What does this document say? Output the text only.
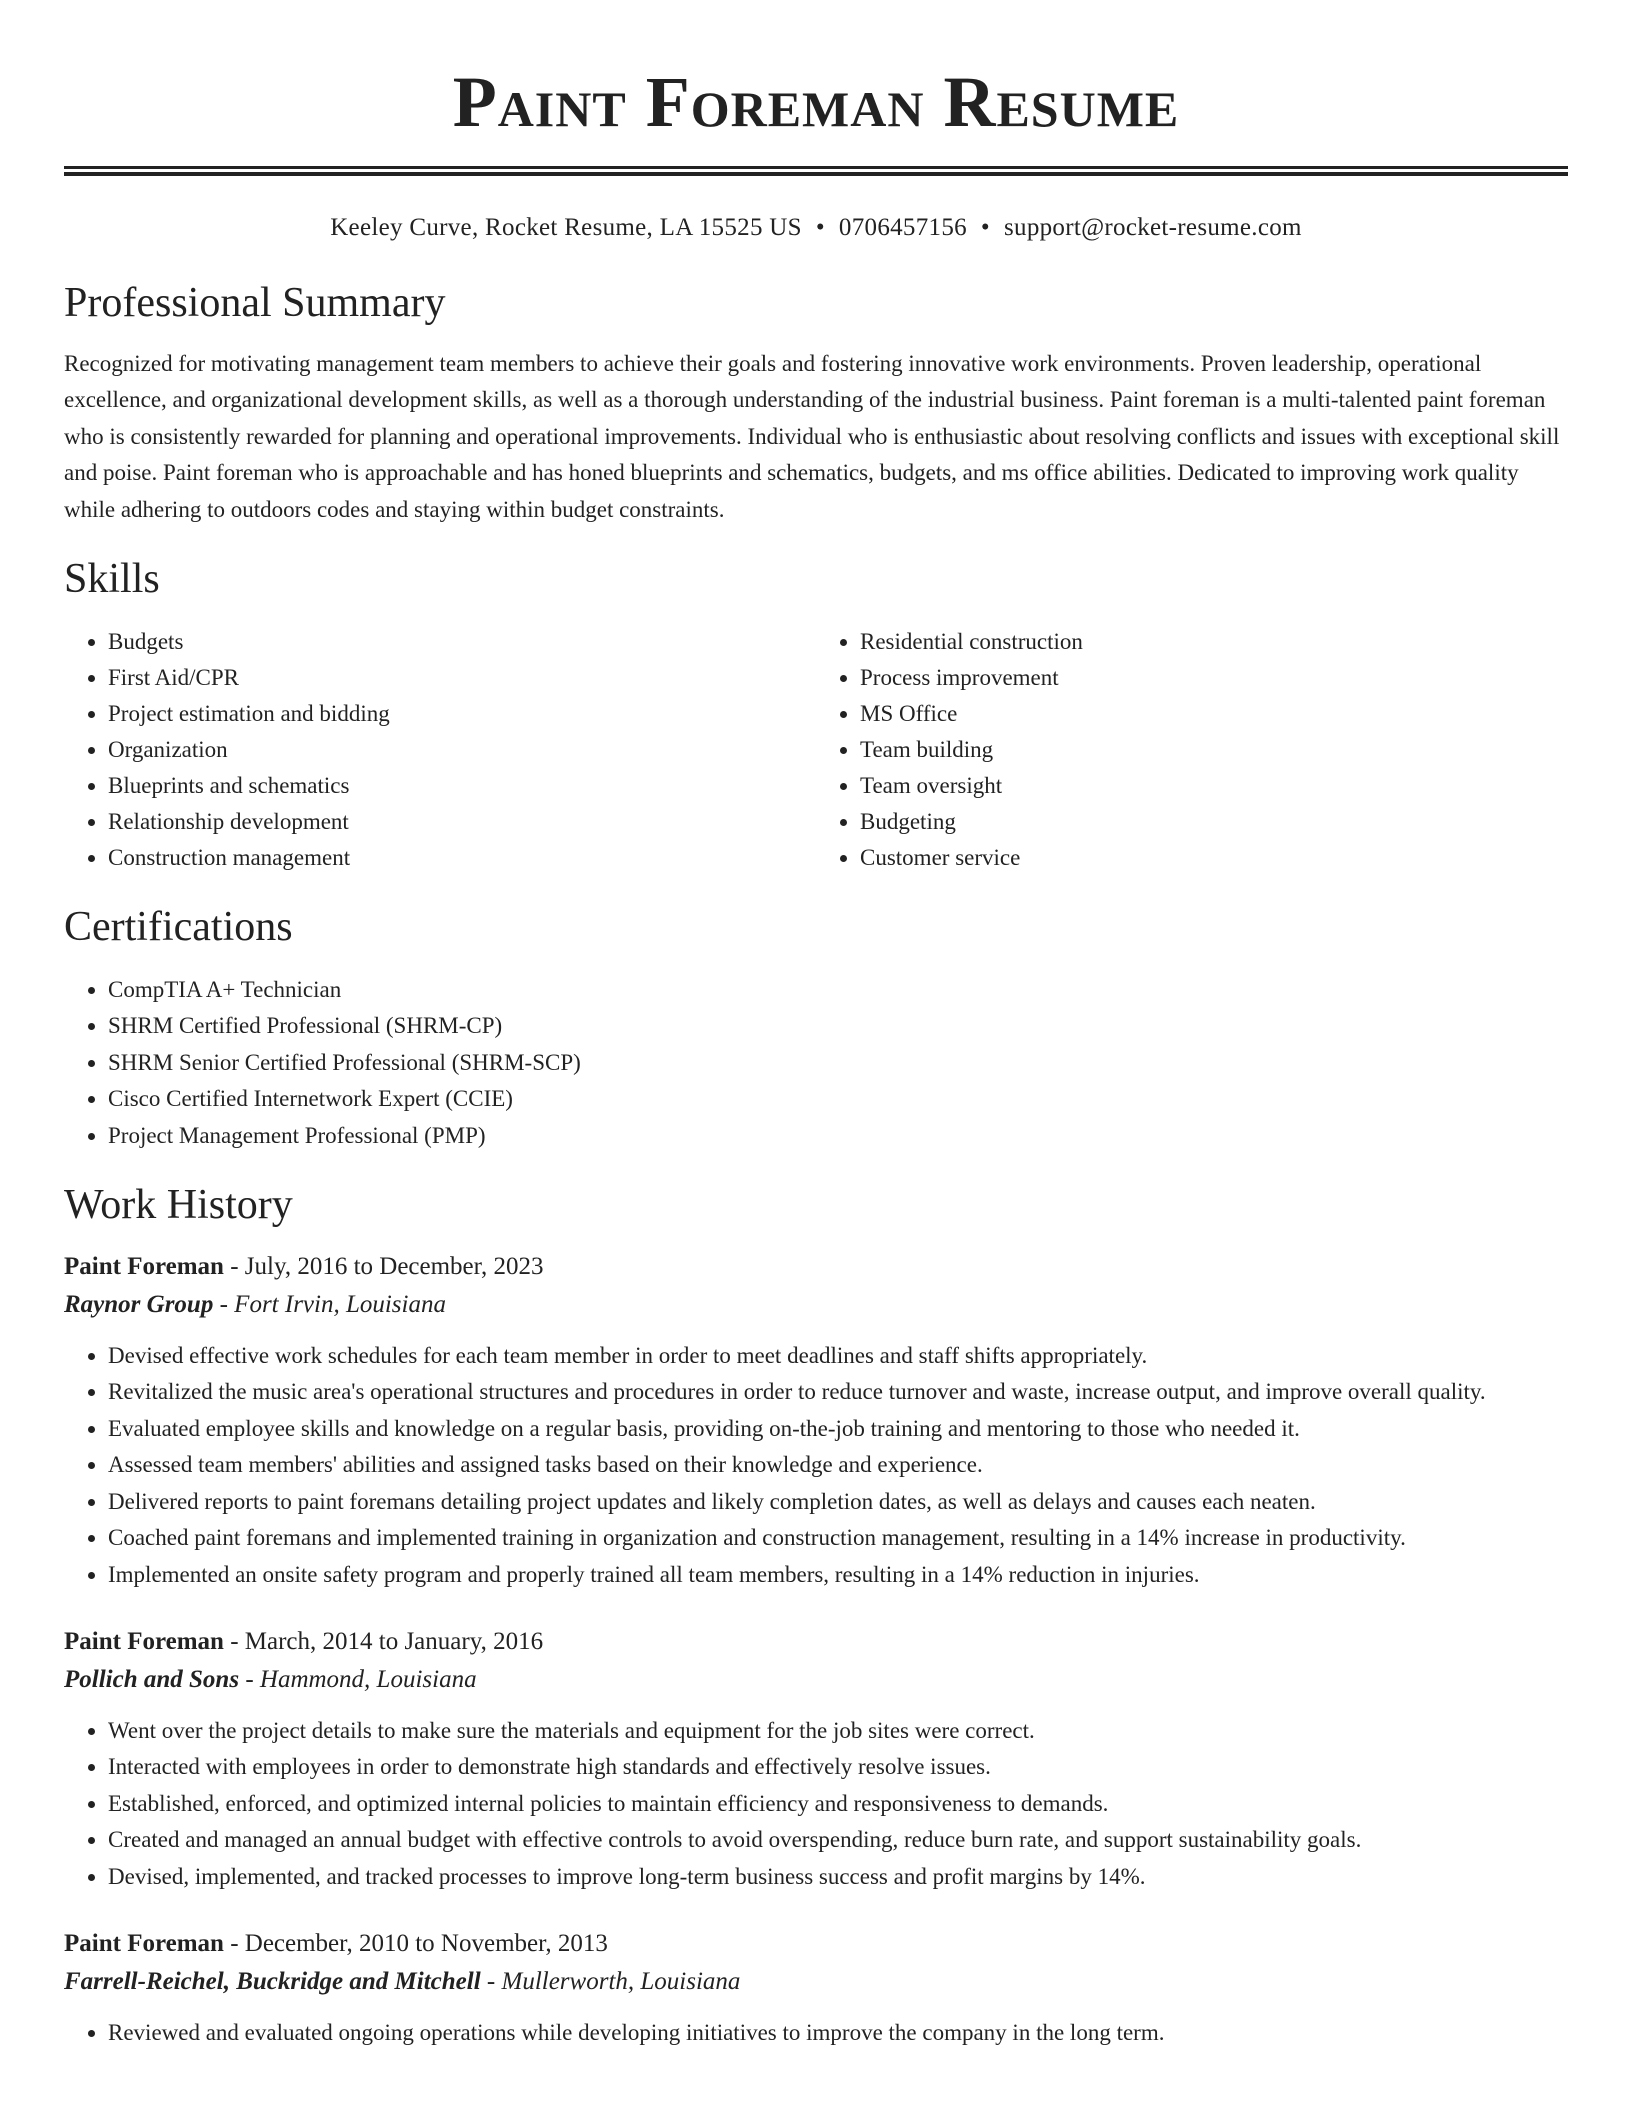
Paint Foreman Resume
Keeley Curve, Rocket Resume, LA 15525 US • 0706457156 • support@rocket-resume.com
Professional Summary

Recognized for motivating management team members to achieve their goals and fostering innovative work environments. Proven leadership, operational excellence, and organizational development skills, as well as a thorough understanding of the industrial business. Paint foreman is a multi-talented paint foreman who is consistently rewarded for planning and operational improvements. Individual who is enthusiastic about resolving conflicts and issues with exceptional skill and poise. Paint foreman who is approachable and has honed blueprints and schematics, budgets, and ms office abilities. Dedicated to improving work quality while adhering to outdoors codes and staying within budget constraints.

Skills
• Budgets
• First Aid/CPR
• Project estimation and bidding
• Organization
• Blueprints and schematics
• Relationship development
• Construction management
• Residential construction
• Process improvement
• MS Office
• Team building
• Team oversight
• Budgeting
• Customer service
Certifications
• CompTIA A+ Technician
• SHRM Certified Professional (SHRM-CP)
• SHRM Senior Certified Professional (SHRM-SCP)
• Cisco Certified Internetwork Expert (CCIE)
• Project Management Professional (PMP)
Work History
Paint Foreman - July, 2016 to December, 2023
Raynor Group - Fort Irvin, Louisiana
• Devised effective work schedules for each team member in order to meet deadlines and staff shifts appropriately.
• Revitalized the music area's operational structures and procedures in order to reduce turnover and waste, increase output, and improve overall quality.
• Evaluated employee skills and knowledge on a regular basis, providing on-the-job training and mentoring to those who needed it.
• Assessed team members' abilities and assigned tasks based on their knowledge and experience.
• Delivered reports to paint foremans detailing project updates and likely completion dates, as well as delays and causes each neaten.
• Coached paint foremans and implemented training in organization and construction management, resulting in a 14% increase in productivity.
• Implemented an onsite safety program and properly trained all team members, resulting in a 14% reduction in injuries.
Paint Foreman - March, 2014 to January, 2016
Pollich and Sons - Hammond, Louisiana
• Went over the project details to make sure the materials and equipment for the job sites were correct.
• Interacted with employees in order to demonstrate high standards and effectively resolve issues.
• Established, enforced, and optimized internal policies to maintain efficiency and responsiveness to demands.
• Created and managed an annual budget with effective controls to avoid overspending, reduce burn rate, and support sustainability goals.
• Devised, implemented, and tracked processes to improve long-term business success and profit margins by 14%.
Paint Foreman - December, 2010 to November, 2013
Farrell-Reichel, Buckridge and Mitchell - Mullerworth, Louisiana
• Reviewed and evaluated ongoing operations while developing initiatives to improve the company in the long term.
